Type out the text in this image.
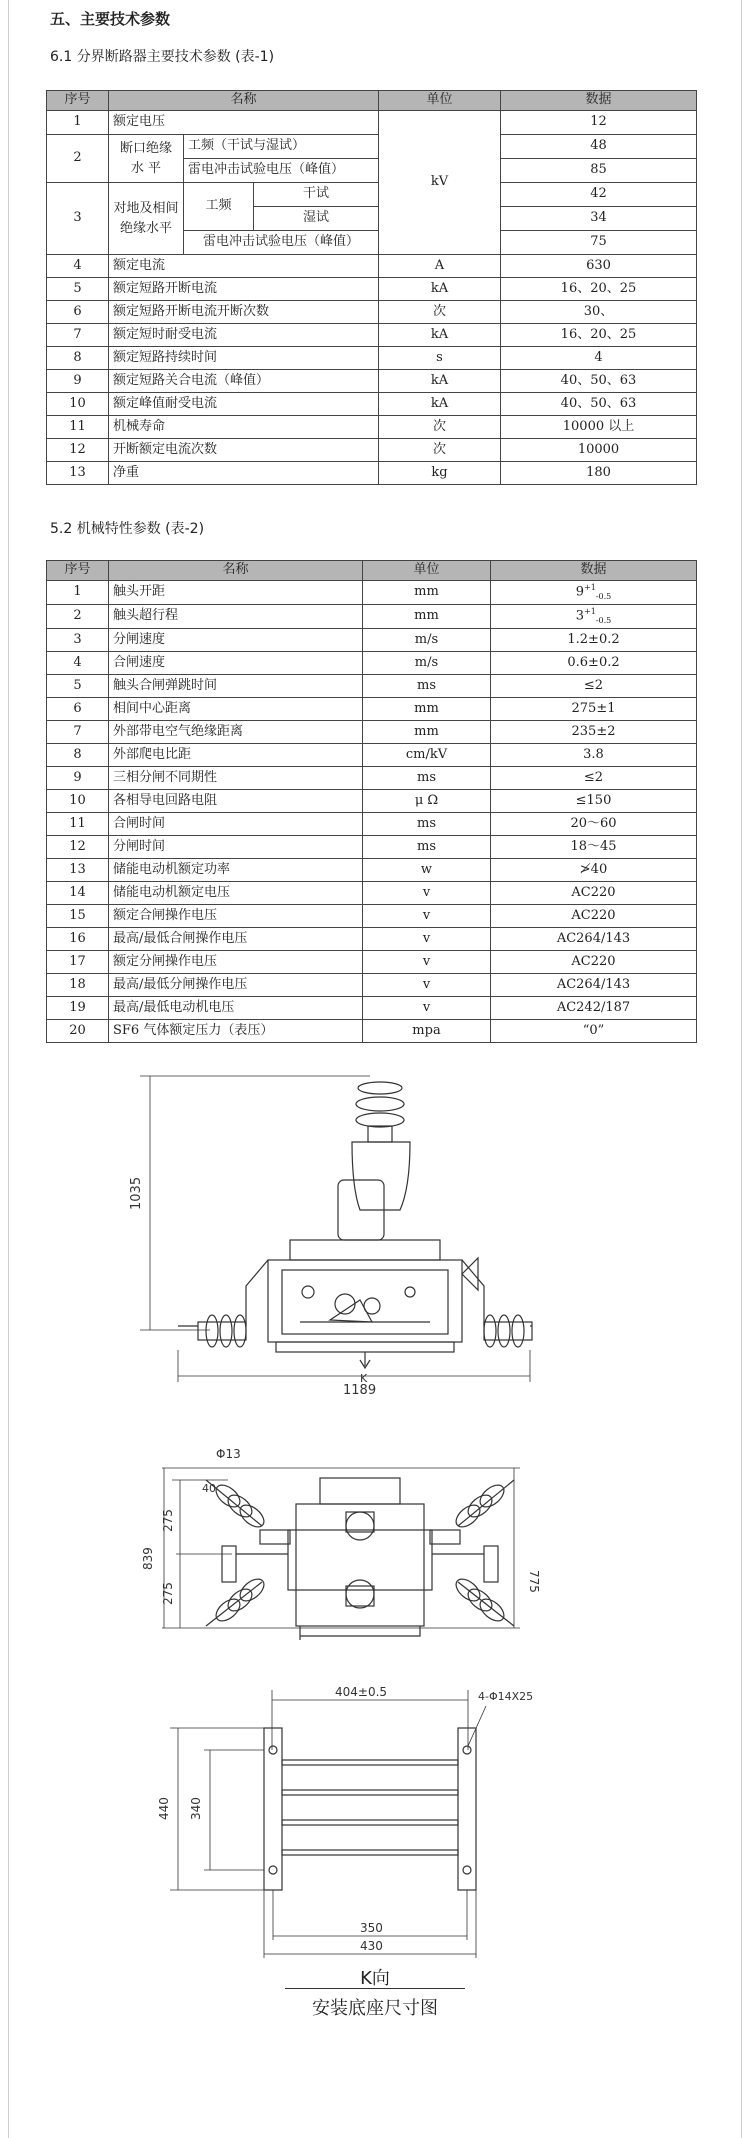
五、主要技术参数
6.1 分界断路器主要技术参数 (表-1)
序号	名称			单位	数据
1	额定电压			kV	12
2	断口绝缘 水 平	工频（干试与湿试）			48
		雷电冲击试验电压（峰值）			85
3	对地及相间 绝缘水平	工频	干试		42
			湿试		34
		雷电冲击试验电压（峰值）			75
4	额定电流			A	630
5	额定短路开断电流			kA	16、20、25
6	额定短路开断电流开断次数			次	30、
7	额定短时耐受电流			kA	16、20、25
8	额定短路持续时间			s	4
9	额定短路关合电流（峰值）			kA	40、50、63
10	额定峰值耐受电流			kA	40、50、63
11	机械寿命			次	10000 以上
12	开断额定电流次数			次	10000
13	净重			kg	180
5.2 机械特性参数 (表-2)
序号	名称	单位	数据
1	触头开距	mm	$9^{+1}_{-0.5}$
2	触头超行程	mm	$3^{+1}_{-0.5}$
3	分闸速度	m/s	1.2±0.2
4	合闸速度	m/s	0.6±0.2
5	触头合闸弹跳时间	ms	≤2
6	相间中心距离	mm	275±1
7	外部带电空气绝缘距离	mm	235±2
8	外部爬电比距	cm/kV	3.8
9	三相分闸不同期性	ms	≤2
10	各相导电回路电阻	μ Ω	≤150
11	合闸时间	ms	20～60
12	分闸时间	ms	18～45
13	储能电动机额定功率	w	≯40
14	储能电动机额定电压	v	AC220
15	额定合闸操作电压	v	AC220
16	最高/最低合闸操作电压	v	AC264/143
17	额定分闸操作电压	v	AC220
18	最高/最低分闸操作电压	v	AC264/143
19	最高/最低电动机电压	v	AC242/187
20	SF6 气体额定压力（表压）	mpa	“0”
1035
1189
K
Φ13
40
275
275
839
775
404±0.5	4-Φ14X25
440 340
350
430
K向
安装底座尺寸图
